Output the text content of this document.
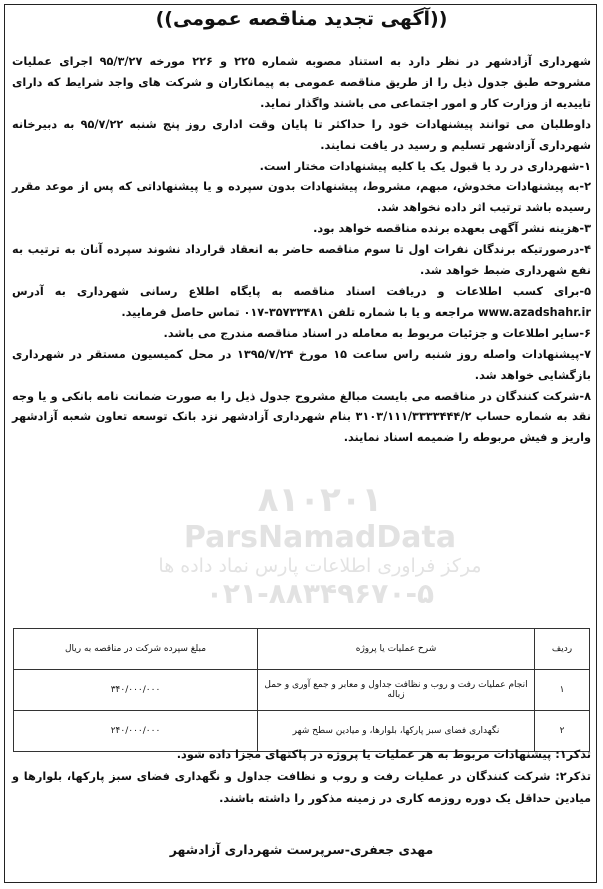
((آگهی تجدید مناقصه عمومی))
۸۱۰۲۰۱
ParsNamadData
مرکز فراوری اطلاعات پارس نماد داده ها
۰۲۱-۸۸۳۴۹۶۷۰-۵

شهرداری آزادشهر در نظر دارد به استناد مصوبه شماره ۲۲۵ و ۲۲۶ مورخه ۹۵/۳/۲۷ اجرای عملیات مشروحه طبق جدول ذیل را از طریق مناقصه عمومی به پیمانکاران و شرکت های واجد شرایط که دارای تاییدیه از وزارت کار و امور اجتماعی می باشند واگذار نماید.

داوطلبان می توانند پیشنهادات خود را حداکثر تا پایان وقت اداری روز پنج شنبه ۹۵/۷/۲۲ به دبیرخانه شهرداری آزادشهر تسلیم و رسید در یافت نمایند.

۱-شهرداری در رد یا قبول یک یا کلیه پیشنهادات مختار است.

۲-به پیشنهادات مخدوش، مبهم، مشروط، پیشنهادات بدون سپرده و یا پیشنهاداتی که پس از موعد مقرر رسیده باشد ترتیب اثر داده نخواهد شد.

۳-هزینه نشر آگهی بعهده برنده مناقصه خواهد بود.

۴-درصورتیکه برندگان نفرات اول تا سوم مناقصه حاضر به انعقاد قرارداد نشوند سپرده آنان به ترتیب به نفع شهرداری ضبط خواهد شد.

۵-برای کسب اطلاعات و دریافت اسناد مناقصه به پایگاه اطلاع رسانی شهرداری به آدرس www.azadshahr.ir مراجعه و یا با شماره تلفن ۳۵۷۳۳۴۸۱-۰۱۷ تماس حاصل فرمایید.

۶-سایر اطلاعات و جزئیات مربوط به معامله در اسناد مناقصه مندرج می باشد.

۷-پیشنهادات واصله روز شنبه راس ساعت ۱۵ مورخ ۱۳۹۵/۷/۲۴ در محل کمیسیون مستقر در شهرداری بازگشایی خواهد شد.

۸-شرکت کنندگان در مناقصه می بایست مبالغ مشروح جدول ذیل را به صورت ضمانت نامه بانکی و یا وجه نقد به شماره حساب ۳۱۰۳/۱۱۱/۳۳۳۳۴۴۴/۲ بنام شهرداری آزادشهر نزد بانک توسعه تعاون شعبه آزادشهر واریز و فیش مربوطه را ضمیمه اسناد نمایند.

ردیف	شرح عملیات یا پروژه	مبلغ سپرده شرکت در مناقصه به ریال
۱	انجام عملیات رفت و روب و نظافت جداول و معابر و جمع آوری و حمل زباله	۳۴۰/۰۰۰/۰۰۰
۲	نگهداری فضای سبز پارکها، بلوارها، و میادین سطح شهر	۲۴۰/۰۰۰/۰۰۰

تذکر۱: پیشنهادات مربوط به هر عملیات یا پروژه در پاکتهای مجزا داده شود.

تذکر۲: شرکت کنندگان در عملیات رفت و روب و نظافت جداول و نگهداری فضای سبز پارکها، بلوارها و میادین حداقل یک دوره روزمه کاری در زمینه مذکور را داشته باشند.

مهدی جعفری-سرپرست شهرداری آزادشهر
